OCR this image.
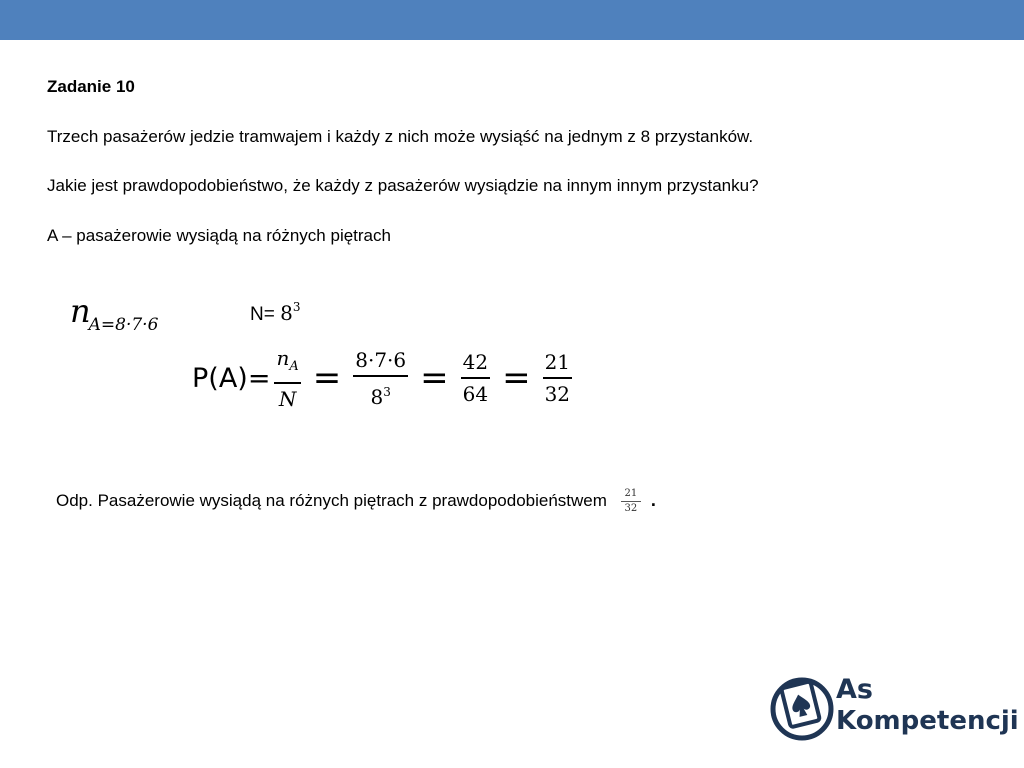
Zadanie 10
Trzech pasażerów jedzie tramwajem i każdy z nich może wysiąść na jednym z 8 przystanków.
Jakie jest prawdopodobieństwo, że każdy z pasażerów wysiądzie na innym innym przystanku?
A – pasażerowie wysiądą na różnych piętrach
$n_{A=8\cdot 7\cdot 6}$	$N= 8^3$
$P(A)= \frac{n_A}{N} = \frac{8\cdot 7\cdot 6}{8^3} = \frac{42}{64} = \frac{21}{32}$
Odp. Pasażerowie wysiądą na różnych piętrach z prawdopodobieństwem 21
32 .
As
Kompetencji
